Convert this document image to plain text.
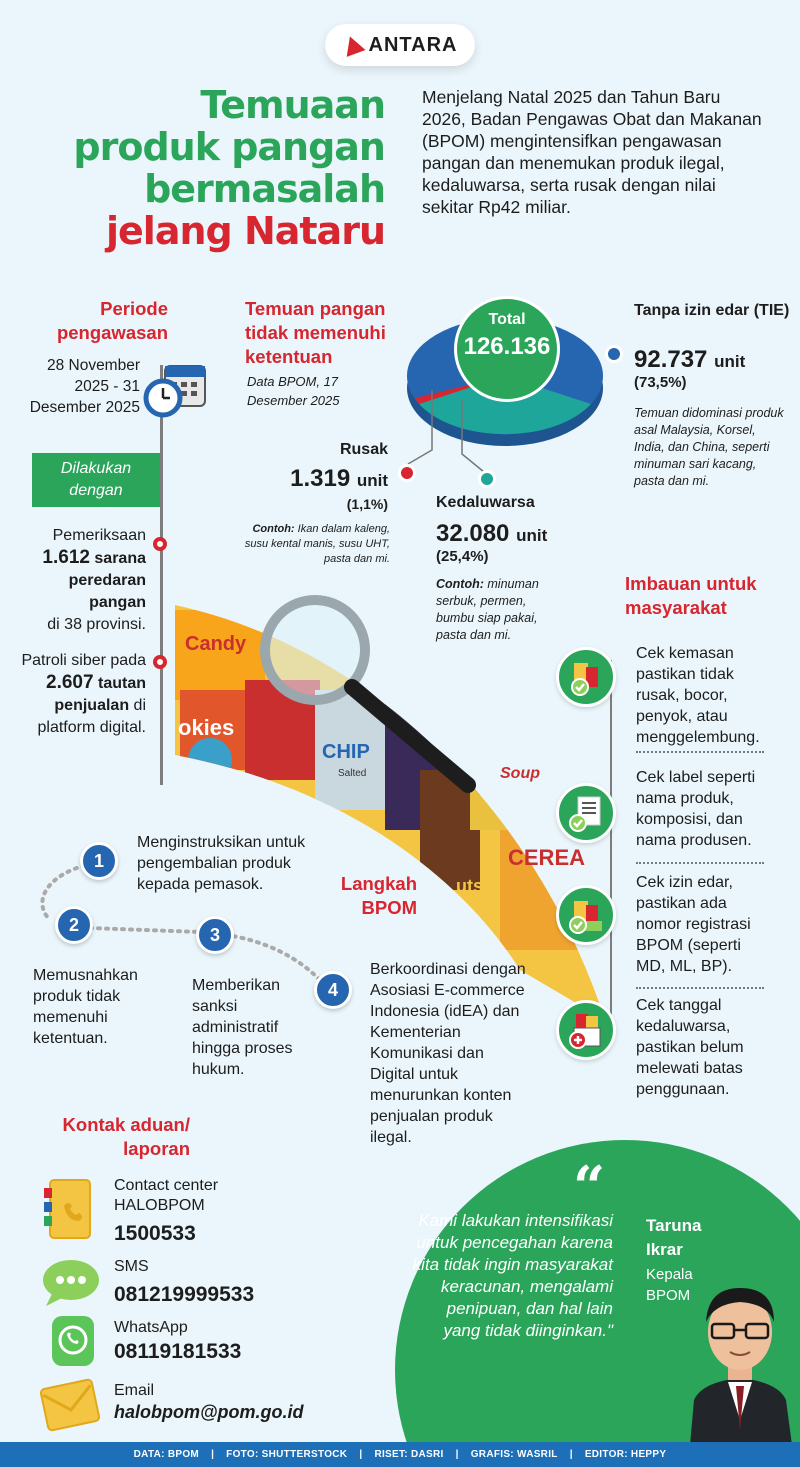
ANTARA
Temuaan
produk pangan
bermasalah
jelang Nataru
Menjelang Natal 2025 dan Tahun Baru 2026, Badan Pengawas Obat dan Makanan (BPOM) mengintensifkan pengawasan pangan dan menemukan produk ilegal, kedaluwarsa, serta rusak dengan nilai sekitar Rp42 miliar.
Periode pengawasan
28 November 2025 - 31 Desember 2025
Dilakukan dengan
Pemeriksaan
1.612 sarana peredaran pangan
di 38 provinsi.
Patroli siber pada 2.607 tautan penjualan di platform digital.
Temuan pangan tidak memenuhi ketentuan
Data BPOM, 17 Desember 2025
Total
126.136
Tanpa izin edar (TIE)
92.737 unit
(73,5%)
Temuan didominasi produk asal Malaysia, Korsel, India, dan China, seperti minuman sari kacang, pasta dan mi.
Rusak
1.319 unit
(1,1%)
Contoh: Ikan dalam kaleng, susu kental manis, susu UHT, pasta dan mi.
Kedaluwarsa
32.080 unit
(25,4%)
Contoh: minuman serbuk, permen, bumbu siap pakai, pasta dan mi.
Candy
okies
CHIP
Salted	Soup
CEREA
uts
Imbauan untuk masyarakat
Cek kemasan pastikan tidak rusak, bocor, penyok, atau menggelembung.
Cek label seperti nama produk, komposisi, dan nama produsen.
Cek izin edar, pastikan ada nomor registrasi BPOM (seperti MD, ML, BP).
Cek tanggal kedaluwarsa, pastikan belum melewati batas penggunaan.
Langkah BPOM
1
Menginstruksikan untuk pengembalian produk kepada pemasok.
2
Memusnahkan produk tidak memenuhi ketentuan.
3
Memberikan sanksi administratif hingga proses hukum.
4
Berkoordinasi dengan Asosiasi E-commerce Indonesia (idEA) dan Kementerian Komunikasi dan Digital untuk menurunkan konten penjualan produk ilegal.
Kontak aduan/ laporan
Contact center HALOBPOM
1500533
SMS
081219999533
WhatsApp
08119181533
Email
halobpom@pom.go.id
“
Kami lakukan intensifikasi untuk pencegahan karena kita tidak ingin masyarakat keracunan, mengalami penipuan, dan hal lain yang tidak diinginkan."
Taruna Ikrar
Kepala BPOM
DATA: BPOM | FOTO: SHUTTERSTOCK | RISET: DASRI | GRAFIS: WASRIL | EDITOR: HEPPY
